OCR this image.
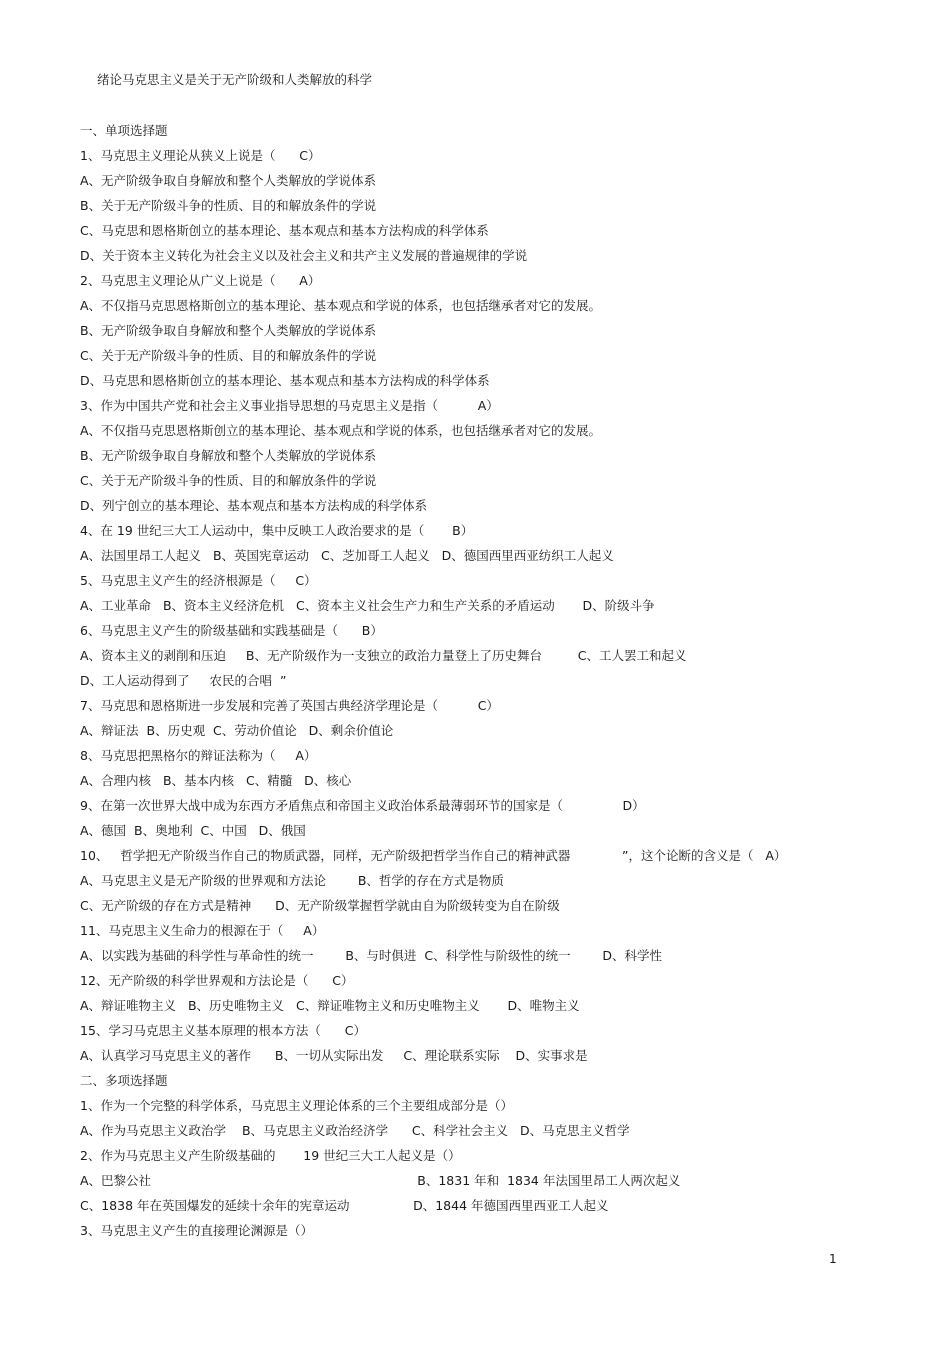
绪论马克思主义是关于无产阶级和人类解放的科学
一、单项选择题
1、马克思主义理论从狭义上说是（      C）
A、无产阶级争取自身解放和整个人类解放的学说体系
B、关于无产阶级斗争的性质、目的和解放条件的学说
C、马克思和恩格斯创立的基本理论、基本观点和基本方法构成的科学体系
D、关于资本主义转化为社会主义以及社会主义和共产主义发展的普遍规律的学说
2、马克思主义理论从广义上说是（      A）
A、不仅指马克思恩格斯创立的基本理论、基本观点和学说的体系，也包括继承者对它的发展。
B、无产阶级争取自身解放和整个人类解放的学说体系
C、关于无产阶级斗争的性质、目的和解放条件的学说
D、马克思和恩格斯创立的基本理论、基本观点和基本方法构成的科学体系
3、作为中国共产党和社会主义事业指导思想的马克思主义是指（          A）
A、不仅指马克思恩格斯创立的基本理论、基本观点和学说的体系，也包括继承者对它的发展。
B、无产阶级争取自身解放和整个人类解放的学说体系
C、关于无产阶级斗争的性质、目的和解放条件的学说
D、列宁创立的基本理论、基本观点和基本方法构成的科学体系
4、在 19 世纪三大工人运动中，集中反映工人政治要求的是（       B）
A、法国里昂工人起义   B、英国宪章运动   C、芝加哥工人起义   D、德国西里西亚纺织工人起义
5、马克思主义产生的经济根源是（     C）
A、工业革命   B、资本主义经济危机   C、资本主义社会生产力和生产关系的矛盾运动       D、阶级斗争
6、马克思主义产生的阶级基础和实践基础是（      B）
A、资本主义的剥削和压迫     B、无产阶级作为一支独立的政治力量登上了历史舞台         C、工人罢工和起义
D、工人运动得到了     农民的合唱  ”
7、马克思和恩格斯进一步发展和完善了英国古典经济学理论是（          C）
A、辩证法  B、历史观  C、劳动价值论   D、剩余价值论
8、马克思把黑格尔的辩证法称为（     A）
A、合理内核   B、基本内核   C、精髓   D、核心
9、在第一次世界大战中成为东西方矛盾焦点和帝国主义政治体系最薄弱环节的国家是（               D）
A、德国  B、奥地利  C、中国   D、俄国
10、   哲学把无产阶级当作自己的物质武器，同样，无产阶级把哲学当作自己的精神武器             ”，这个论断的含义是（   A）
A、马克思主义是无产阶级的世界观和方法论        B、哲学的存在方式是物质
C、无产阶级的存在方式是精神      D、无产阶级掌握哲学就由自为阶级转变为自在阶级
11、马克思主义生命力的根源在于（     A）
A、以实践为基础的科学性与革命性的统一        B、与时俱进  C、科学性与阶级性的统一        D、科学性
12、无产阶级的科学世界观和方法论是（      C）
A、辩证唯物主义   B、历史唯物主义   C、辩证唯物主义和历史唯物主义       D、唯物主义
15、学习马克思主义基本原理的根本方法（      C）
A、认真学习马克思主义的著作      B、一切从实际出发     C、理论联系实际    D、实事求是
二、多项选择题
1、作为一个完整的科学体系，马克思主义理论体系的三个主要组成部分是（）
A、作为马克思主义政治学    B、马克思主义政治经济学      C、科学社会主义   D、马克思主义哲学
2、作为马克思主义产生阶级基础的       19 世纪三大工人起义是（）
A、巴黎公社                                                                   B、1831 年和  1834 年法国里昂工人两次起义
C、1838 年在英国爆发的延续十余年的宪章运动                D、1844 年德国西里西亚工人起义
3、马克思主义产生的直接理论渊源是（）
1
